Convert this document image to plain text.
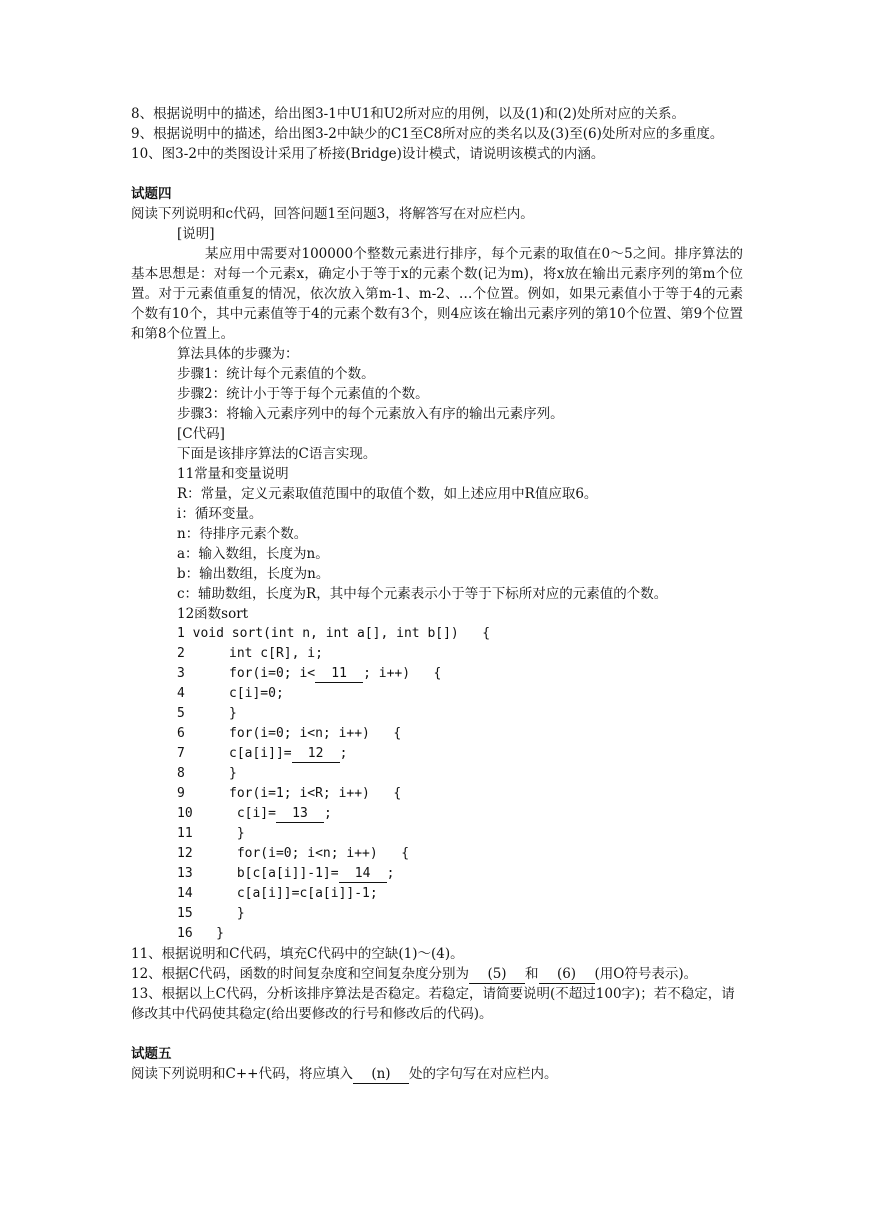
8、根据说明中的描述，给出图3-1中U1和U2所对应的用例，以及(1)和(2)处所对应的关系。
9、根据说明中的描述，给出图3-2中缺少的C1至C8所对应的类名以及(3)至(6)处所对应的多重度。
10、图3-2中的类图设计采用了桥接(Bridge)设计模式，请说明该模式的内涵。
试题四
阅读下列说明和c代码，回答问题1至问题3，将解答写在对应栏内。
[说明]
某应用中需要对100000个整数元素进行排序，每个元素的取值在0～5之间。排序算法的基本思想是：对每一个元素x，确定小于等于x的元素个数(记为m)，将x放在输出元素序列的第m个位置。对于元素值重复的情况，依次放入第m-1、m-2、…个位置。例如，如果元素值小于等于4的元素个数有10个，其中元素值等于4的元素个数有3个，则4应该在输出元素序列的第10个位置、第9个位置和第8个位置上。
算法具体的步骤为：
步骤1：统计每个元素值的个数。
步骤2：统计小于等于每个元素值的个数。
步骤3：将输入元素序列中的每个元素放入有序的输出元素序列。
[C代码]
下面是该排序算法的C语言实现。
11常量和变量说明
R：常量，定义元素取值范围中的取值个数，如上述应用中R值应取6。
i：循环变量。
n：待排序元素个数。
a：输入数组，长度为n。
b：输出数组，长度为n。
c：辅助数组，长度为R，其中每个元素表示小于等于下标所对应的元素值的个数。
12函数sort
1 void sort(int n, int a[], int b[])   {
2	int c[R], i;
3	for(i=0; i< 11 ; i++)   {
4	c[i]=0;
5	}
6	for(i=0; i<n; i++)   {
7	c[a[i]]= 12 ;
8	}
9	for(i=1; i<R; i++)   {
10	c[i]= 13 ;
11	}
12	for(i=0; i<n; i++)   {
13	b[c[a[i]]-1]= 14 ;
14	c[a[i]]=c[a[i]]-1;
15	}
16 }
11、根据说明和C代码，填充C代码中的空缺(1)～(4)。
12、根据C代码，函数的时间复杂度和空间复杂度分别为 (5) 和 (6) (用O符号表示)。
13、根据以上C代码，分析该排序算法是否稳定。若稳定，请简要说明(不超过100字)；若不稳定，请修改其中代码使其稳定(给出要修改的行号和修改后的代码)。
试题五
阅读下列说明和C++代码，将应填入 (n) 处的字句写在对应栏内。
